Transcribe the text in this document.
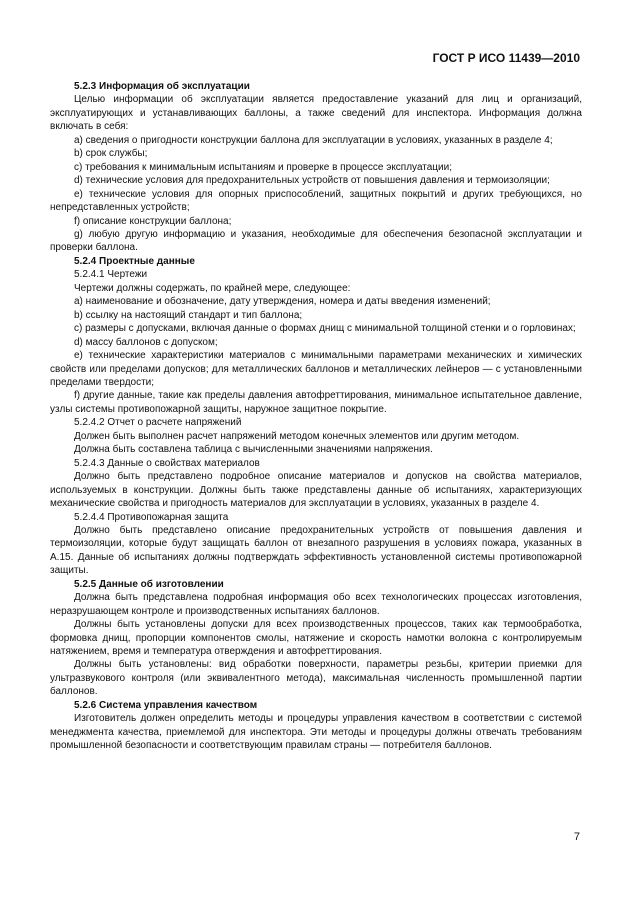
ГОСТ Р ИСО 11439—2010

5.2.3 Информация об эксплуатации

Целью информации об эксплуатации является предоставление указаний для лиц и организаций, эксплуатирующих и устанавливающих баллоны, а также сведений для инспектора. Информация должна включать в себя:

a) сведения о пригодности конструкции баллона для эксплуатации в условиях, указанных в разделе 4;

b) срок службы;

c) требования к минимальным испытаниям и проверке в процессе эксплуатации;

d) технические условия для предохранительных устройств от повышения давления и термоизоляции;

e) технические условия для опорных приспособлений, защитных покрытий и других требующихся, но непредставленных устройств;

f) описание конструкции баллона;

g) любую другую информацию и указания, необходимые для обеспечения безопасной эксплуатации и проверки баллона.

5.2.4 Проектные данные

5.2.4.1 Чертежи

Чертежи должны содержать, по крайней мере, следующее:

a) наименование и обозначение, дату утверждения, номера и даты введения изменений;

b) ссылку на настоящий стандарт и тип баллона;

c) размеры с допусками, включая данные о формах днищ с минимальной толщиной стенки и о горловинах;

d) массу баллонов с допуском;

e) технические характеристики материалов с минимальными параметрами механических и химических свойств или пределами допусков; для металлических баллонов и металлических лейнеров — с установленными пределами твердости;

f) другие данные, такие как пределы давления автофреттирования, минимальное испытательное давление, узлы системы противопожарной защиты, наружное защитное покрытие.

5.2.4.2 Отчет о расчете напряжений

Должен быть выполнен расчет напряжений методом конечных элементов или другим методом.

Должна быть составлена таблица с вычисленными значениями напряжения.

5.2.4.3 Данные о свойствах материалов

Должно быть представлено подробное описание материалов и допусков на свойства материалов, используемых в конструкции. Должны быть также представлены данные об испытаниях, характеризующих механические свойства и пригодность материалов для эксплуатации в условиях, указанных в разделе 4.

5.2.4.4 Противопожарная защита

Должно быть представлено описание предохранительных устройств от повышения давления и термоизоляции, которые будут защищать баллон от внезапного разрушения в условиях пожара, указанных в А.15. Данные об испытаниях должны подтверждать эффективность установленной системы противопожарной защиты.

5.2.5 Данные об изготовлении

Должна быть представлена подробная информация обо всех технологических процессах изготовления, неразрушающем контроле и производственных испытаниях баллонов.

Должны быть установлены допуски для всех производственных процессов, таких как термообработка, формовка днищ, пропорции компонентов смолы, натяжение и скорость намотки волокна с контролируемым натяжением, время и температура отверждения и автофреттирования.

Должны быть установлены: вид обработки поверхности, параметры резьбы, критерии приемки для ультразвукового контроля (или эквивалентного метода), максимальная численность промышленной партии баллонов.

5.2.6 Система управления качеством

Изготовитель должен определить методы и процедуры управления качеством в соответствии с системой менеджмента качества, приемлемой для инспектора. Эти методы и процедуры должны отвечать требованиям промышленной безопасности и соответствующим правилам страны — потребителя баллонов.

7
